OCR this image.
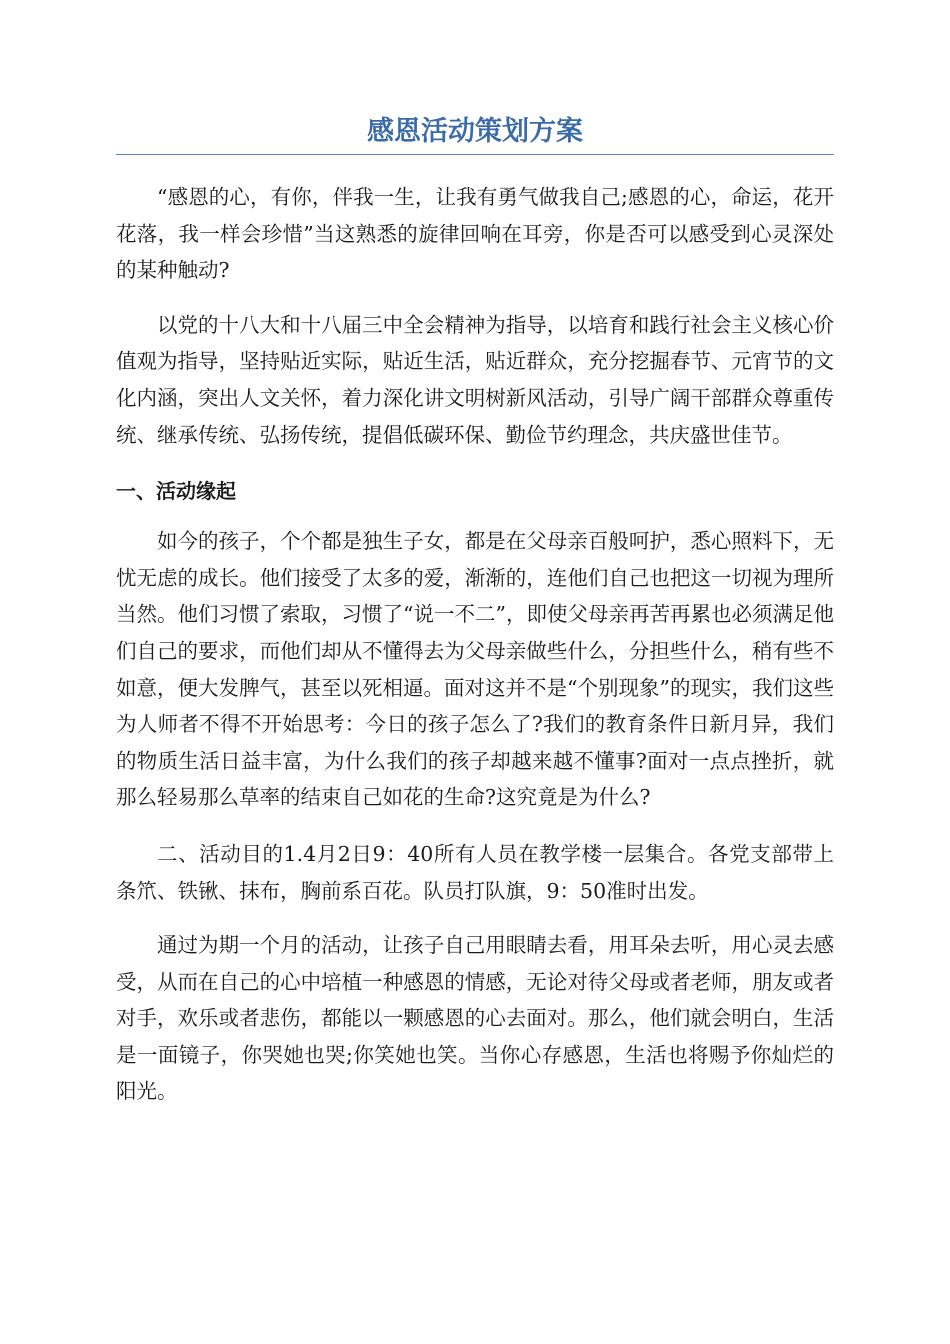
感恩活动策划方案

“感恩的心，有你，伴我一生，让我有勇气做我自己;感恩的心，命运，花开花落，我一样会珍惜”当这熟悉的旋律回响在耳旁，你是否可以感受到心灵深处的某种触动?

以党的十八大和十八届三中全会精神为指导，以培育和践行社会主义核心价值观为指导，坚持贴近实际，贴近生活，贴近群众，充分挖掘春节、元宵节的文化内涵，突出人文关怀，着力深化讲文明树新风活动，引导广阔干部群众尊重传统、继承传统、弘扬传统，提倡低碳环保、勤俭节约理念，共庆盛世佳节。

一、活动缘起

如今的孩子，个个都是独生子女，都是在父母亲百般呵护，悉心照料下，无忧无虑的成长。他们接受了太多的爱，渐渐的，连他们自己也把这一切视为理所当然。他们习惯了索取，习惯了“说一不二”，即使父母亲再苦再累也必须满足他们自己的要求，而他们却从不懂得去为父母亲做些什么，分担些什么，稍有些不如意，便大发脾气，甚至以死相逼。面对这并不是“个别现象”的现实，我们这些为人师者不得不开始思考：今日的孩子怎么了?我们的教育条件日新月异，我们的物质生活日益丰富，为什么我们的孩子却越来越不懂事?面对一点点挫折，就那么轻易那么草率的结束自己如花的生命?这究竟是为什么?

二、活动目的1.4月2日9：40所有人员在教学楼一层集合。各党支部带上条笊、铁锹、抹布，胸前系百花。队员打队旗，9：50准时出发。

通过为期一个月的活动，让孩子自己用眼睛去看，用耳朵去听，用心灵去感受，从而在自己的心中培植一种感恩的情感，无论对待父母或者老师，朋友或者对手，欢乐或者悲伤，都能以一颗感恩的心去面对。那么，他们就会明白，生活是一面镜子，你哭她也哭;你笑她也笑。当你心存感恩，生活也将赐予你灿烂的阳光。
